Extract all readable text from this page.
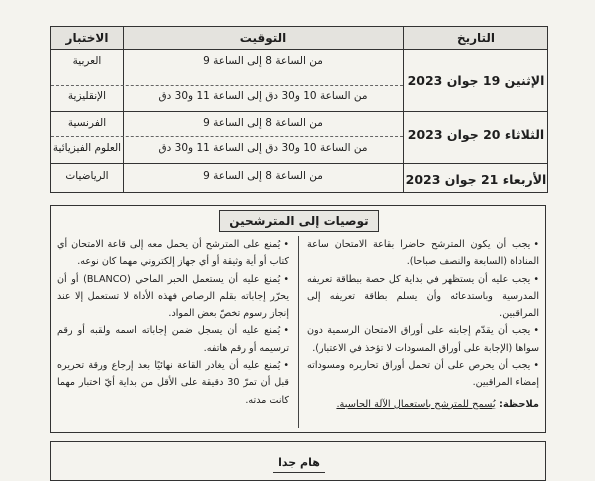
الاختبار	التوقيت	التاريخ
الإثنين 19 جوان 2023
العربية	من الساعة 8 إلى الساعة 9
الإنقليزية	من الساعة 10 و30 دق إلى الساعة 11 و30 دق
الثلاثاء 20 جوان 2023
الفرنسية	من الساعة 8 إلى الساعة 9
العلوم الفيزيائية	من الساعة 10 و30 دق إلى الساعة 11 و30 دق
الأربعاء 21 جوان 2023
الرياضيات	من الساعة 8 إلى الساعة 9
توصيات إلى المترشحين

•يجب أن يكون المترشح حاضرا بقاعة الامتحان ساعة المناداة (السابعة والنصف صباحا).

•يجب عليه أن يستظهر في بداية كل حصة ببطاقة تعريفه المدرسية وباستدعائه وأن يسلم بطاقة تعريفه إلى المراقبين.

•يجب أن يقدّم إجابته على أوراق الامتحان الرسمية دون سواها (الإجابة على أوراق المسودات لا تؤخذ في الاعتبار).

•يجب أن يحرص على أن تحمل أوراق تحاريره ومسوداته إمضاء المراقبين.

ملاحظة: يُسمح للمترشح باستعمال الآلة الحاسبة.

•يُمنع على المترشح أن يحمل معه إلى قاعة الامتحان أي كتاب أو أية وثيقة أو أي جهاز إلكتروني مهما كان نوعه.

•يُمنع عليه أن يستعمل الحبر الماحي (BLANCO) أو أن يحرّر إجاباته بقلم الرصاص فهذه الأداة لا تستعمل إلا عند إنجاز رسوم تخصّ بعض المواد.

•يُمنع عليه أن يسجل ضمن إجاباته اسمه ولقبه أو رقم ترسيمه أو رقم هاتفه.

•يُمنع عليه أن يغادر القاعة نهائيًا بعد إرجاع ورقة تحريره قبل أن تمرّ 30 دقيقة على الأقل من بداية أيّ اختبار مهما كانت مدته.

هام جدا
